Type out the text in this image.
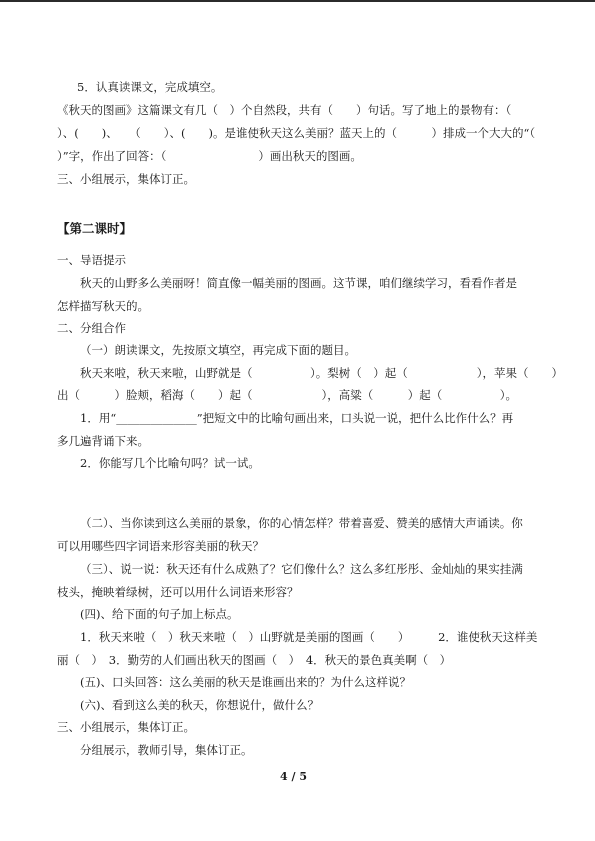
5．认真读课文，完成填空。
《秋天的图画》这篇课文有几（　）个自然段，共有（　　）句话。写了地上的景物有：（
）、(　　)、　　（　　）、(　　)。是谁使秋天这么美丽？蓝天上的（　　　）排成一个大大的“（
）”字，作出了回答：（　　　　　　　　）画出秋天的图画。
三、小组展示，集体订正。
【第二课时】
一、导语提示
秋天的山野多么美丽呀！简直像一幅美丽的图画。这节课，咱们继续学习，看看作者是
怎样描写秋天的。
二、分组合作
（一）朗读课文，先按原文填空，再完成下面的题目。
秋天来啦，秋天来啦，山野就是（　　　　　）。梨树（　）起（　　　　　　），苹果（　　）
出（　　　）脸颊，稻海（　　）起（　　　　　　），高粱（　　　）起（　　　　　）。
1．用“______________”把短文中的比喻句画出来，口头说一说，把什么比作什么？再
多几遍背诵下来。
2．你能写几个比喻句吗？试一试。
（二）、当你读到这么美丽的景象，你的心情怎样？带着喜爱、赞美的感情大声诵读。你
可以用哪些四字词语来形容美丽的秋天？
（三）、说一说：秋天还有什么成熟了？它们像什么？这么多红彤彤、金灿灿的果实挂满
枝头，掩映着绿树，还可以用什么词语来形容？
(四)、给下面的句子加上标点。
1．秋天来啦（　）秋天来啦（　）山野就是美丽的图画（　　）　　　2．谁使秋天这样美
丽（　）　3．勤劳的人们画出秋天的图画（　）　4．秋天的景色真美啊（　）
(五)、口头回答：这么美丽的秋天是谁画出来的？为什么这样说？
(六)、看到这么美的秋天，你想说什，做什么？
三、小组展示，集体订正。
分组展示，教师引导，集体订正。
4 / 5
